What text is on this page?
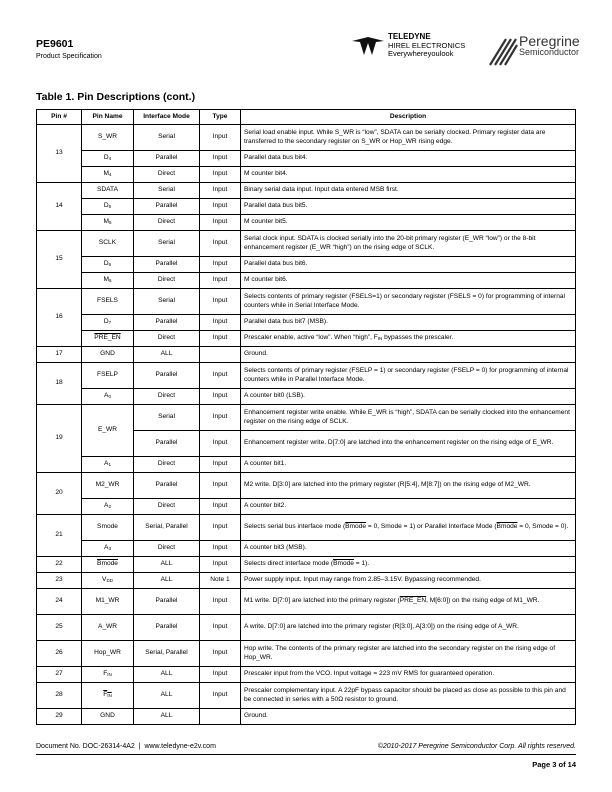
PE9601
Product Specification
TELEDYNE
HIREL ELECTRONICS
Everywhereyoulook
Peregrine
Semiconductor
Table 1. Pin Descriptions (cont.)
Pin #	Pin Name	Interface Mode	Type	Description
13	S_WR	Serial	Input	Serial load enable input. While S_WR is “low”, SDATA can be serially clocked. Primary register data are transferred to the secondary register on S_WR or Hop_WR rising edge.
	$D_4$	Parallel	Input	Parallel data bus bit4.
	$M_4$	Direct	Input	M counter bit4.
14	SDATA	Serial	Input	Binary serial data input. Input data entered MSB first.
	$D_5$	Parallel	Input	Parallel data bus bit5.
	$M_5$	Direct	Input	M counter bit5.
15	SCLK	Serial	Input	Serial clock input. SDATA is clocked serially into the 20-bit primary register (E_WR “low”) or the 8-bit enhancement register (E_WR “high”) on the rising edge of SCLK.
	$D_6$	Parallel	Input	Parallel data bus bit6.
	$M_6$	Direct	Input	M counter bit6.
16	FSELS	Serial	Input	Selects contents of primary register (FSELS=1) or secondary register (FSELS = 0) for programming of internal counters while in Serial Interface Mode.
	$D_7$	Parallel	Input	Parallel data bus bit7 (MSB).
	PRE_EN	Direct	Input	Prescaler enable, active “low”. When “high”, $F_{IN}$ bypasses the prescaler.
17	GND	ALL		Ground.
18	FSELP	Parallel	Input	Selects contents of primary register (FSELP = 1) or secondary register (FSELP = 0) for programming of internal counters while in Parallel Interface Mode.
	$A_0$	Direct	Input	A counter bit0 (LSB).
19	E_WR	Serial	Input	Enhancement register write enable. While E_WR is “high”, SDATA can be serially clocked into the enhancement register on the rising edge of SCLK.
		Parallel	Input	Enhancement register write. D[7:0] are latched into the enhancement register on the rising edge of E_WR.
	$A_1$	Direct	Input	A counter bit1.
20	M2_WR	Parallel	Input	M2 write. D[3:0] are latched into the primary register (R[5:4], M[8:7]) on the rising edge of M2_WR.
	$A_2$	Direct	Input	A counter bit2.
21	Smode	Serial, Parallel	Input	Selects serial bus interface mode (Bmode = 0, Smode = 1) or Parallel Interface Mode (Bmode = 0, Smode = 0).
	$A_3$	Direct	Input	A counter bit3 (MSB).
22	Bmode	ALL	Input	Selects direct interface mode (Bmode = 1).
23	$V_{DD}$	ALL	Note 1	Power supply input. Input may range from 2.85–3.15V. Bypassing recommended.
24	M1_WR	Parallel	Input	M1 write. D[7:0] are latched into the primary register (PRE_EN, M[6:0]) on the rising edge of M1_WR.
25	A_WR	Parallel	Input	A write. D[7:0] are latched into the primary register (R[3:0], A[3:0]) on the rising edge of A_WR.
26	Hop_WR	Serial, Parallel	Input	Hop write. The contents of the primary register are latched into the secondary register on the rising edge of Hop_WR.
27	$F_{IN}$	ALL	Input	Prescaler input from the VCO. Input voltage = 223 mV RMS for guaranteed operation.
28	$\overline{F}_{\overline{IN}}$	ALL	Input	Prescaler complementary input. A 22pF bypass capacitor should be placed as close as possible to this pin and be connected in series with a 50Ω resistor to ground.
29	GND	ALL		Ground.
Document No. DOC-26314-4A2  |  www.teledyne-e2v.com	©2010-2017 Peregrine Semiconductor Corp. All rights reserved.
Page 3 of 14
